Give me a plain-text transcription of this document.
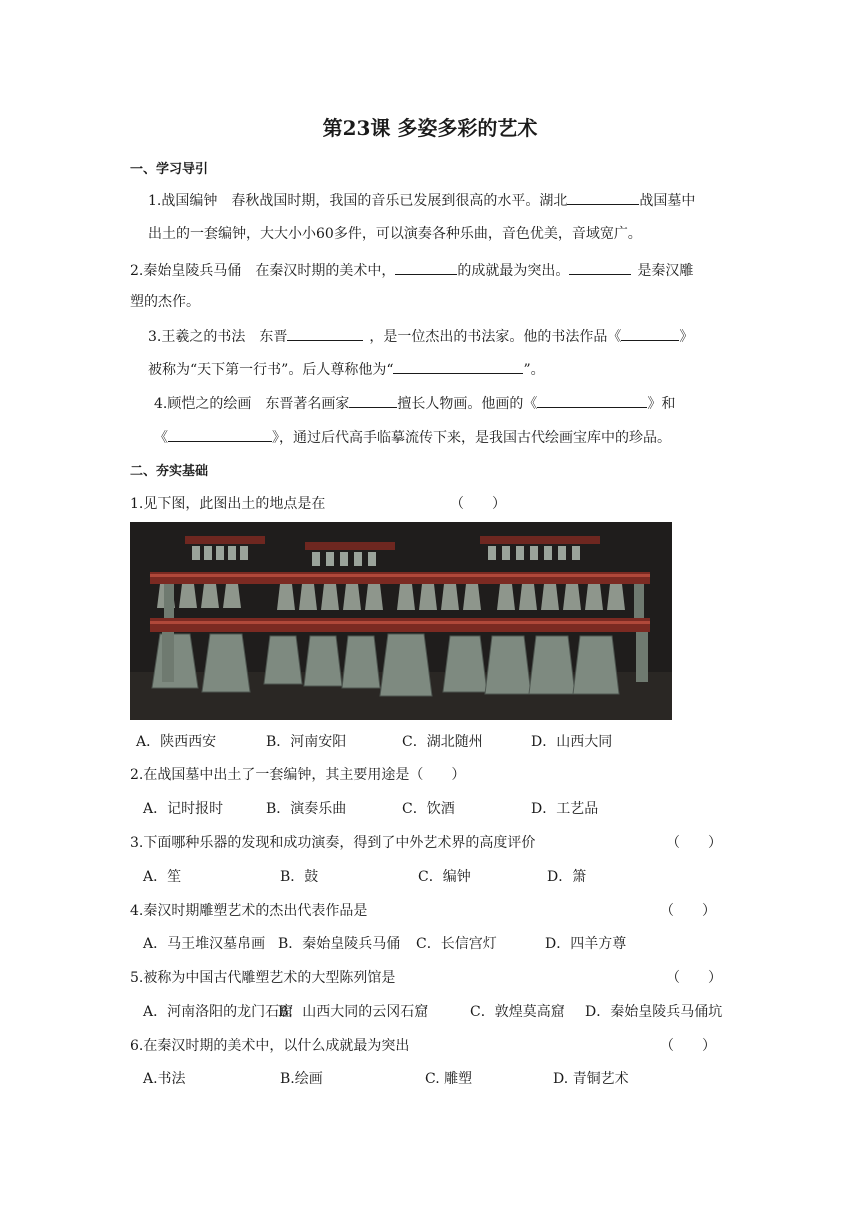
第23课 多姿多彩的艺术
一、学习导引
1.战国编钟　春秋战国时期，我国的音乐已发展到很高的水平。湖北	战国墓中
出土的一套编钟，大大小小60多件，可以演奏各种乐曲，音色优美，音域宽广。
2.秦始皇陵兵马俑　在秦汉时期的美术中，	的成就最为突出。	是秦汉雕
塑的杰作。
3.王羲之的书法　东晋	，是一位杰出的书法家。他的书法作品《	》
被称为“天下第一行书”。后人尊称他为“	”。
4.顾恺之的绘画　东晋著名画家	擅长人物画。他画的《	》和
《	》，通过后代高手临摹流传下来，是我国古代绘画宝库中的珍品。
二、夯实基础
1.见下图，此图出土的地点是在	（　　）
A．陕西西安	B．河南安阳	C．湖北随州	D．山西大同
2.在战国墓中出土了一套编钟，其主要用途是（　　）
A．记时报时	B．演奏乐曲	C．饮酒	D．工艺品
3.下面哪种乐器的发现和成功演奏，得到了中外艺术界的高度评价	（　　）
A．笙	B．鼓	C．编钟	D．箫
4.秦汉时期雕塑艺术的杰出代表作品是	（　　）
A．马王堆汉墓帛画 B．秦始皇陵兵马俑 C．长信宫灯	D．四羊方尊
5.被称为中国古代雕塑艺术的大型陈列馆是	（　　）
A．河南洛阳的龙门石窟
B．山西大同的云冈石窟	C．敦煌莫高窟 D．秦始皇陵兵马俑坑
6.在秦汉时期的美术中，以什么成就最为突出	（　　）
A.书法	B.绘画	C. 雕塑	D. 青铜艺术
